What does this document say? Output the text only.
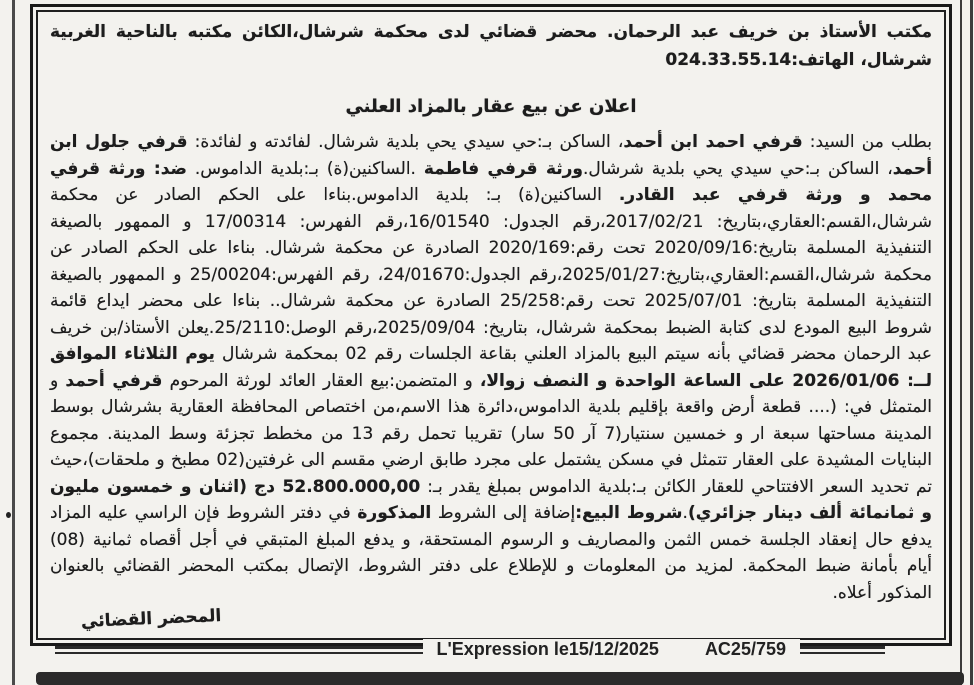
مكتب الأستاذ بن خريف عبد الرحمان. محضر قضائي لدى محكمة شرشال،الكائن مكتبه بالناحية الغربية
شرشال، الهاتف:024.33.55.14
اعلان عن بيع عقار بالمزاد العلني
بطلب من السيد: قرفي احمد ابن أحمد، الساكن بـ:حي سيدي يحي بلدية شرشال. لفائدته و لفائدة: قرفي جلول ابن أحمد، الساكن بـ:حي سيدي يحي بلدية شرشال.ورثة قرفي فاطمة .الساكنين(ة) بـ:بلدية الداموس. ضد: ورثة قرفي محمد و ورثة قرفي عبد القادر. الساكنين(ة) بـ: بلدية الداموس.بناءا على الحكم الصادر عن محكمة شرشال،القسم:العقاري،بتاريخ: 2017/02/21،رقم الجدول: 16/01540،رقم الفهرس: 17/00314 و الممهور بالصيغة التنفيذية المسلمة بتاريخ:2020/09/16 تحت رقم:2020/169 الصادرة عن محكمة شرشال. بناءا على الحكم الصادر عن محكمة شرشال،القسم:العقاري،بتاريخ:2025/01/27،رقم الجدول:24/01670، رقم الفهرس:25/00204 و الممهور بالصيغة التنفيذية المسلمة بتاريخ: 2025/07/01 تحت رقم:25/258 الصادرة عن محكمة شرشال.. بناءا على محضر ايداع قائمة شروط البيع المودع لدى كتابة الضبط بمحكمة شرشال، بتاريخ: 2025/09/04،رقم الوصل:25/2110.يعلن الأستاذ/بن خريف عبد الرحمان محضر قضائي بأنه سيتم البيع بالمزاد العلني بقاعة الجلسات رقم 02 بمحكمة شرشال يوم الثلاثاء الموافق لــ: 2026/01/06 على الساعة الواحدة و النصف زوالا، و المتضمن:بيع العقار العائد لورثة المرحوم قرفي أحمد و المتمثل في: (.... قطعة أرض واقعة بإقليم بلدية الداموس،دائرة هذا الاسم،من اختصاص المحافظة العقارية بشرشال بوسط المدينة مساحتها سبعة ار و خمسين سنتيار(7 آر 50 سار) تقريبا تحمل رقم 13 من مخطط تجزئة وسط المدينة. مجموع البنايات المشيدة على العقار تتمثل في مسكن يشتمل على مجرد طابق ارضي مقسم الى غرفتين(02 مطبخ و ملحقات)،حيث تم تحديد السعر الافتتاحي للعقار الكائن بـ:بلدية الداموس بمبلغ يقدر بـ: 52.800.000,00 دج (اثنان و خمسون مليون و ثمانمائة ألف دينار جزائري).شروط البيع:إضافة إلى الشروط المذكورة في دفتر الشروط فإن الراسي عليه المزاد يدفع حال إنعقاد الجلسة خمس الثمن والمصاريف و الرسوم المستحقة، و يدفع المبلغ المتبقي في أجل أقصاه ثمانية (08) أيام بأمانة ضبط المحكمة. لمزيد من المعلومات و للإطلاع على دفتر الشروط، الإتصال بمكتب المحضر القضائي بالعنوان المذكور أعلاه.
المحضر القضائي
L'Expression le15/12/2025	AC25/759
